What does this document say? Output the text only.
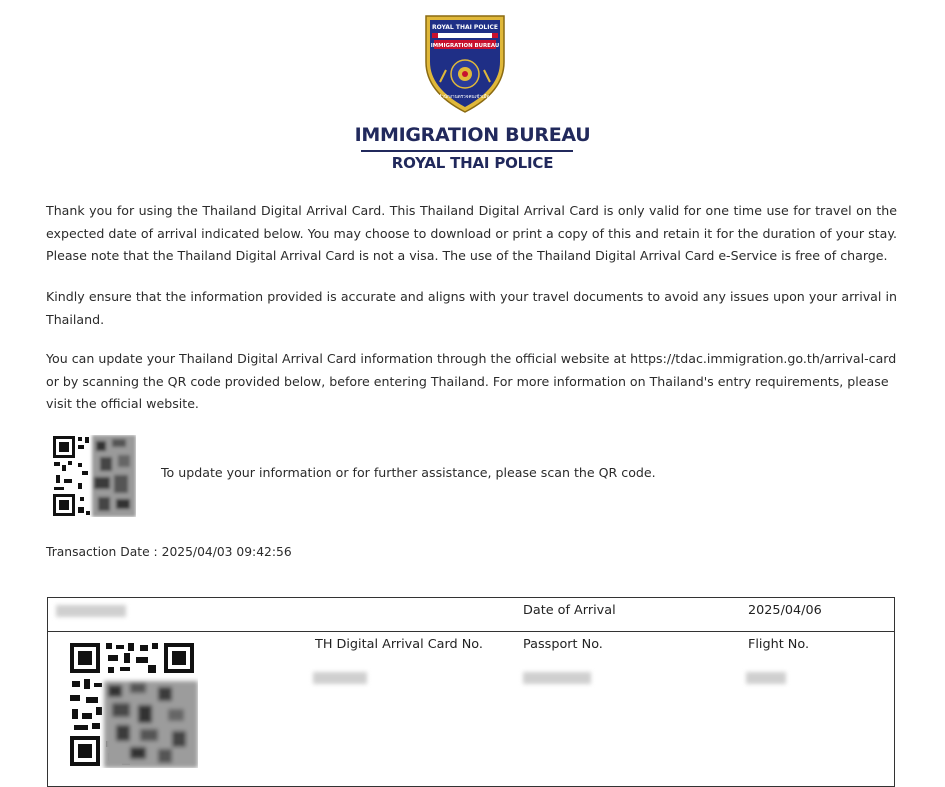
ROYAL THAI POLICE
IMMIGRATION BUREAU
สำนักงานตรวจคนเข้าเมือง
IMMIGRATION BUREAU
ROYAL THAI POLICE

Thank you for using the Thailand Digital Arrival Card. This Thailand Digital Arrival Card is only valid for one time use for travel on the expected date of arrival indicated below. You may choose to download or print a copy of this and retain it for the duration of your stay. Please note that the Thailand Digital Arrival Card is not a visa. The use of the Thailand Digital Arrival Card e-Service is free of charge.

Kindly ensure that the information provided is accurate and aligns with your travel documents to avoid any issues upon your arrival in Thailand.

You can update your Thailand Digital Arrival Card information through the official website at https://tdac.immigration.go.th/arrival-card or by scanning the QR code provided below, before entering Thailand. For more information on Thailand's entry requirements, please visit the official website.

To update your information or for further assistance, please scan the QR code.
Transaction Date : 2025/04/03 09:42:56
Date of Arrival	2025/04/06
TH Digital Arrival Card No.	Passport No.	Flight No.
